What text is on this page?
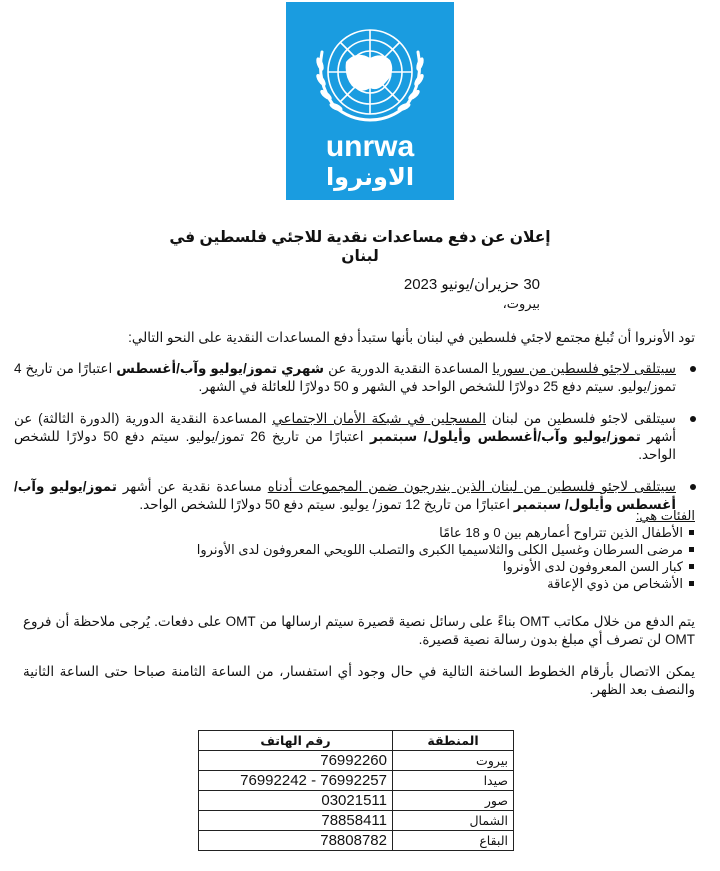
unrwa
الاونروا
إعلان عن دفع مساعدات نقدية للاجئي فلسطين في لبنان
30 حزيران/يونيو 2023
بيروت،
تود الأونروا أن تُبلغ مجتمع لاجئي فلسطين في لبنان بأنها ستبدأ دفع المساعدات النقدية على النحو التالي:
سيتلقى لاجئو فلسطين من سوريا المساعدة النقدية الدورية عن شهري تموز/يوليو وآب/أغسطس اعتبارًا من تاريخ 4 تموز/يوليو. سيتم دفع 25 دولارًا للشخص الواحد في الشهر و 50 دولارًا للعائلة في الشهر.
سيتلقى لاجئو فلسطين من لبنان المسجلين في شبكة الأمان الاجتماعي المساعدة النقدية الدورية (الدورة الثالثة) عن أشهر تموز/يوليو وآب/أغسطس وأيلول/ سبتمبر اعتبارًا من تاريخ 26 تموز/يوليو. سيتم دفع 50 دولارًا للشخص الواحد.
سيتلقى لاجئو فلسطين من لبنان الذين يندرجون ضمن المجموعات أدناه مساعدة نقدية عن أشهر تموز/يوليو وآب/أغسطس وأيلول/ سبتمبر اعتبارًا من تاريخ 12 تموز/ يوليو. سيتم دفع 50 دولارًا للشخص الواحد.
الفئات هي:
الأطفال الذين تتراوح أعمارهم بين 0 و 18 عامًا
مرضى السرطان وغسيل الكلى والثلاسيميا الكبرى والتصلب اللويحي المعروفون لدى الأونروا
كبار السن المعروفون لدى الأونروا
الأشخاص من ذوي الإعاقة
يتم الدفع من خلال مكاتب OMT بناءً على رسائل نصية قصيرة سيتم ارسالها من OMT على دفعات. يُرجى ملاحظة أن فروع OMT لن تصرف أي مبلغ بدون رسالة نصية قصيرة.
يمكن الاتصال بأرقام الخطوط الساخنة التالية في حال وجود أي استفسار، من الساعة الثامنة صباحا حتى الساعة الثانية والنصف بعد الظهر.
المنطقة	رقم الهاتف
بيروت	76992260
صيدا	76992257 - 76992242
صور	03021511
الشمال	78858411
البقاع	78808782
